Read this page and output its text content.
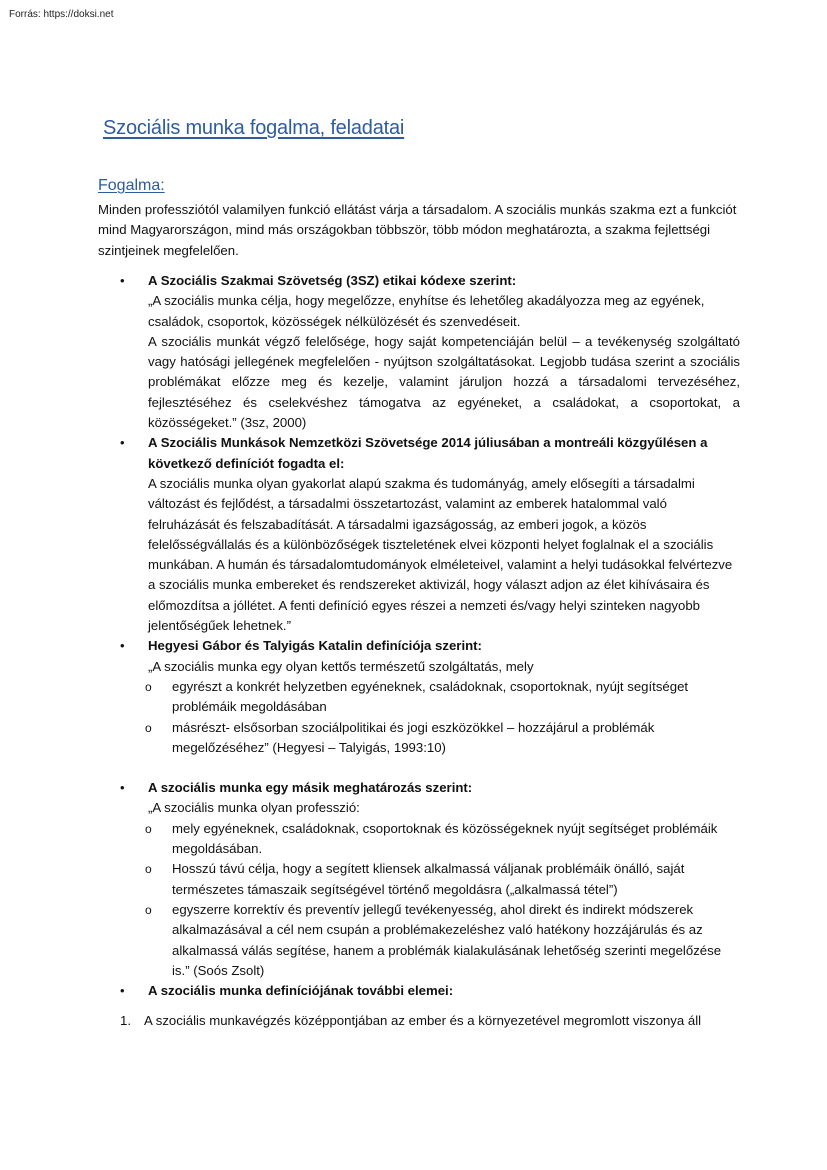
Forrás: https://doksi.net
Szociális munka fogalma, feladatai
Fogalma:
Minden professziótól valamilyen funkció ellátást várja a társadalom. A szociális munkás szakma ezt a funkciót mind Magyarországon, mind más országokban többször, több módon meghatározta, a szakma fejlettségi szintjeinek megfelelően.
•	A Szociális Szakmai Szövetség (3SZ) etikai kódexe szerint:
„A szociális munka célja, hogy megelőzze, enyhítse és lehetőleg akadályozza meg az egyének, családok, csoportok, közösségek nélkülözését és szenvedéseit.
A szociális munkát végző felelősége, hogy saját kompetenciáján belül – a tevékenység szolgáltató vagy hatósági jellegének megfelelően - nyújtson szolgáltatásokat. Legjobb tudása szerint a szociális problémákat előzze meg és kezelje, valamint járuljon hozzá a társadalomi tervezéséhez, fejlesztéséhez és cselekvéshez támogatva az egyéneket, a családokat, a csoportokat, a közösségeket.” (3sz, 2000)
•	A Szociális Munkások Nemzetközi Szövetsége 2014 júliusában a montreáli közgyűlésen a következő definíciót fogadta el:
A szociális munka olyan gyakorlat alapú szakma és tudományág, amely elősegíti a társadalmi változást és fejlődést, a társadalmi összetartozást, valamint az emberek hatalommal való felruházását és felszabadítását. A társadalmi igazságosság, az emberi jogok, a közös felelősségvállalás és a különbözőségek tiszteletének elvei központi helyet foglalnak el a szociális munkában. A humán és társadalomtudományok elméleteivel, valamint a helyi tudásokkal felvértezve a szociális munka embereket és rendszereket aktivizál, hogy választ adjon az élet kihívásaira és előmozdítsa a jóllétet. A fenti definíció egyes részei a nemzeti és/vagy helyi szinteken nagyobb jelentőségűek lehetnek.”
•	Hegyesi Gábor és Talyigás Katalin definíciója szerint:
„A szociális munka egy olyan kettős természetű szolgáltatás, mely
o egyrészt a konkrét helyzetben egyéneknek, családoknak, csoportoknak, nyújt segítséget problémáik megoldásában
o másrészt- elsősorban szociálpolitikai és jogi eszközökkel – hozzájárul a problémák megelőzéséhez” (Hegyesi – Talyigás, 1993:10)
•	A szociális munka egy másik meghatározás szerint:
„A szociális munka olyan professzió:
o mely egyéneknek, családoknak, csoportoknak és közösségeknek nyújt segítséget problémáik megoldásában.
o Hosszú távú célja, hogy a segített kliensek alkalmassá váljanak problémáik önálló, saját természetes támaszaik segítségével történő megoldásra („alkalmassá tétel”)
o egyszerre korrektív és preventív jellegű tevékenyesség, ahol direkt és indirekt módszerek alkalmazásával a cél nem csupán a problémakezeléshez való hatékony hozzájárulás és az alkalmassá válás segítése, hanem a problémák kialakulásának lehetőség szerinti megelőzése is.” (Soós Zsolt)
•	A szociális munka definíciójának további elemei:
1. A szociális munkavégzés középpontjában az ember és a környezetével megromlott viszonya áll
